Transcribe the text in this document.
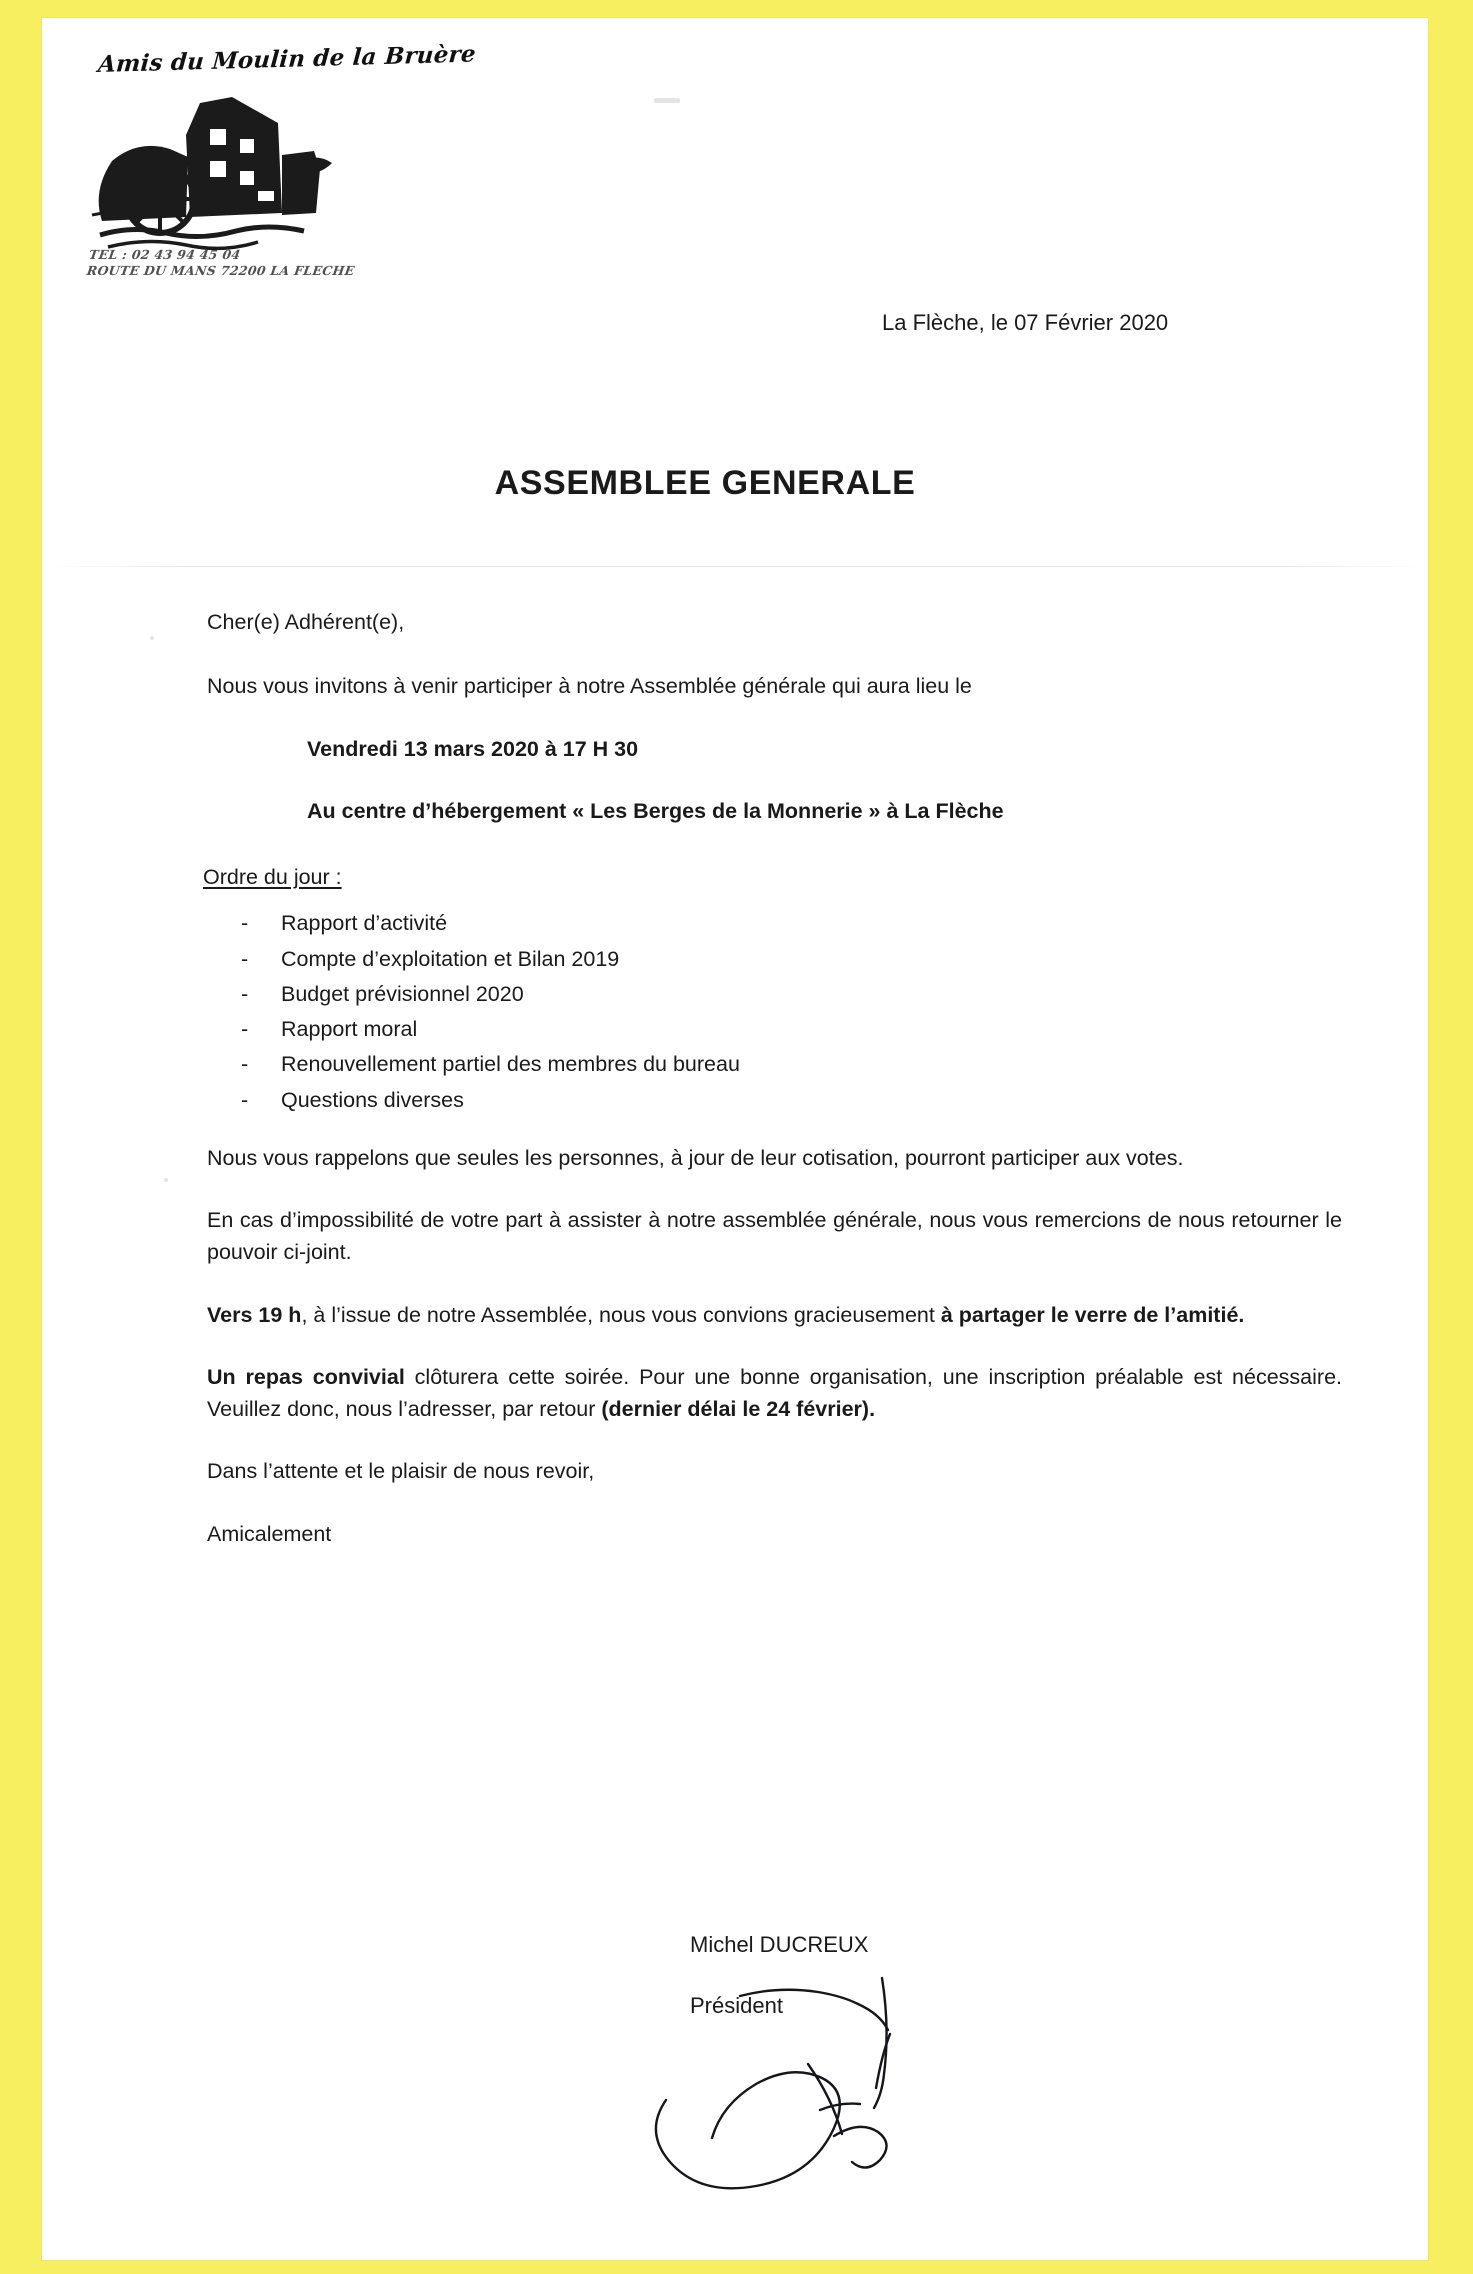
Amis du Moulin de la Bruère
TEL : 02 43 94 45 04
ROUTE DU MANS 72200 LA FLECHE
La Flèche, le 07 Février 2020
ASSEMBLEE GENERALE

Cher(e) Adhérent(e),

Nous vous invitons à venir participer à notre Assemblée générale qui aura lieu le

Vendredi 13 mars 2020 à 17 H 30

Au centre d’hébergement « Les Berges de la Monnerie » à La Flèche

Ordre du jour :

- Rapport d’activité
- Compte d’exploitation et Bilan 2019
- Budget prévisionnel 2020
- Rapport moral
- Renouvellement partiel des membres du bureau
- Questions diverses

Nous vous rappelons que seules les personnes, à jour de leur cotisation, pourront participer aux votes.

En cas d’impossibilité de votre part à assister à notre assemblée générale, nous vous remercions de nous retourner le pouvoir ci-joint.

Vers 19 h, à l’issue de notre Assemblée, nous vous convions gracieusement à partager le verre de l’amitié.

Un repas convivial clôturera cette soirée. Pour une bonne organisation, une inscription préalable est nécessaire. Veuillez donc, nous l’adresser, par retour (dernier délai le 24 février).

Dans l’attente et le plaisir de nous revoir,

Amicalement

Michel DUCREUX

Président
